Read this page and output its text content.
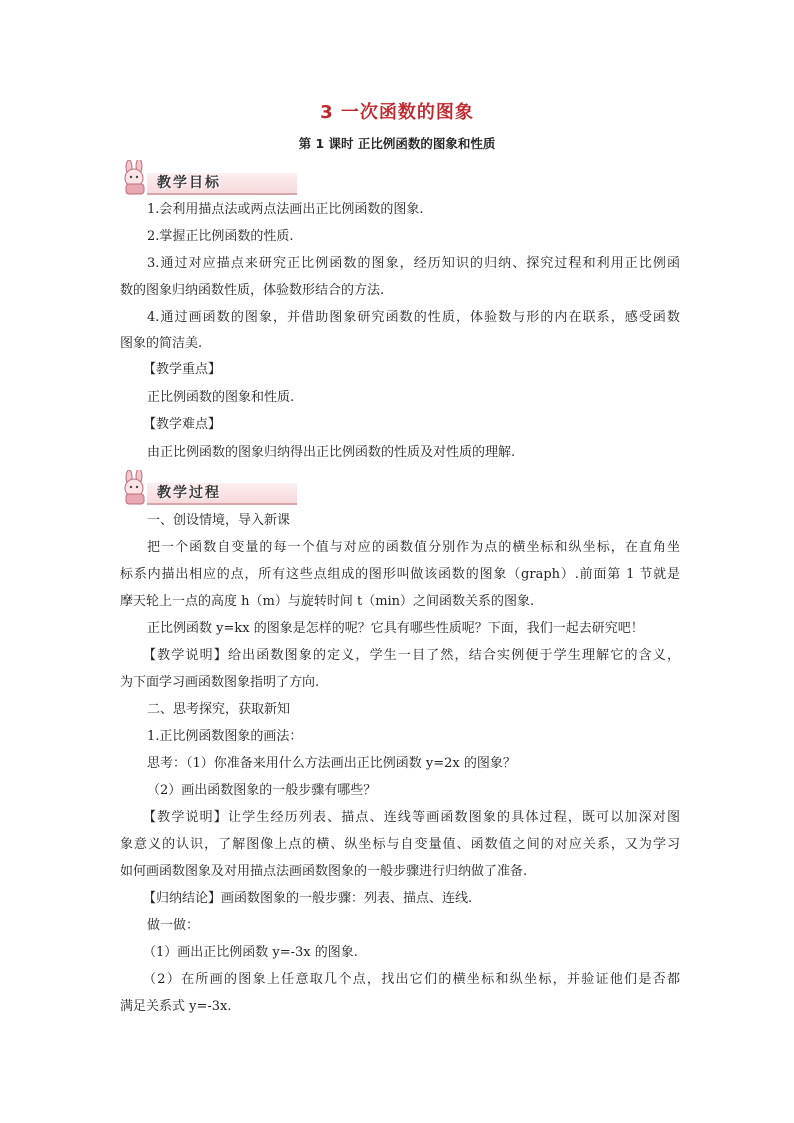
3 一次函数的图象
第 1 课时 正比例函数的图象和性质
教学目标
1.会利用描点法或两点法画出正比例函数的图象.
2.掌握正比例函数的性质.
3.通过对应描点来研究正比例函数的图象，经历知识的归纳、探究过程和利用正比例函
数的图象归纳函数性质，体验数形结合的方法.
4.通过画函数的图象，并借助图象研究函数的性质，体验数与形的内在联系，感受函数
图象的简洁美.
【教学重点】
正比例函数的图象和性质.
【教学难点】
由正比例函数的图象归纳得出正比例函数的性质及对性质的理解.
教学过程
一、创设情境，导入新课
把一个函数自变量的每一个值与对应的函数值分别作为点的横坐标和纵坐标，在直角坐
标系内描出相应的点，所有这些点组成的图形叫做该函数的图象（graph）.前面第 1 节就是
摩天轮上一点的高度 h（m）与旋转时间 t（min）之间函数关系的图象.
正比例函数 y=kx 的图象是怎样的呢？它具有哪些性质呢？下面，我们一起去研究吧！
【教学说明】给出函数图象的定义，学生一目了然，结合实例便于学生理解它的含义，
为下面学习画函数图象指明了方向.
二、思考探究，获取新知
1.正比例函数图象的画法：
思考：（1）你准备来用什么方法画出正比例函数 y=2x 的图象？
（2）画出函数图象的一般步骤有哪些？
【教学说明】让学生经历列表、描点、连线等画函数图象的具体过程，既可以加深对图
象意义的认识，了解图像上点的横、纵坐标与自变量值、函数值之间的对应关系，又为学习
如何画函数图象及对用描点法画函数图象的一般步骤进行归纳做了准备.
【归纳结论】画函数图象的一般步骤：列表、描点、连线.
做一做：
（1）画出正比例函数 y=-3x 的图象.
（2）在所画的图象上任意取几个点，找出它们的横坐标和纵坐标，并验证他们是否都
满足关系式 y=-3x.
